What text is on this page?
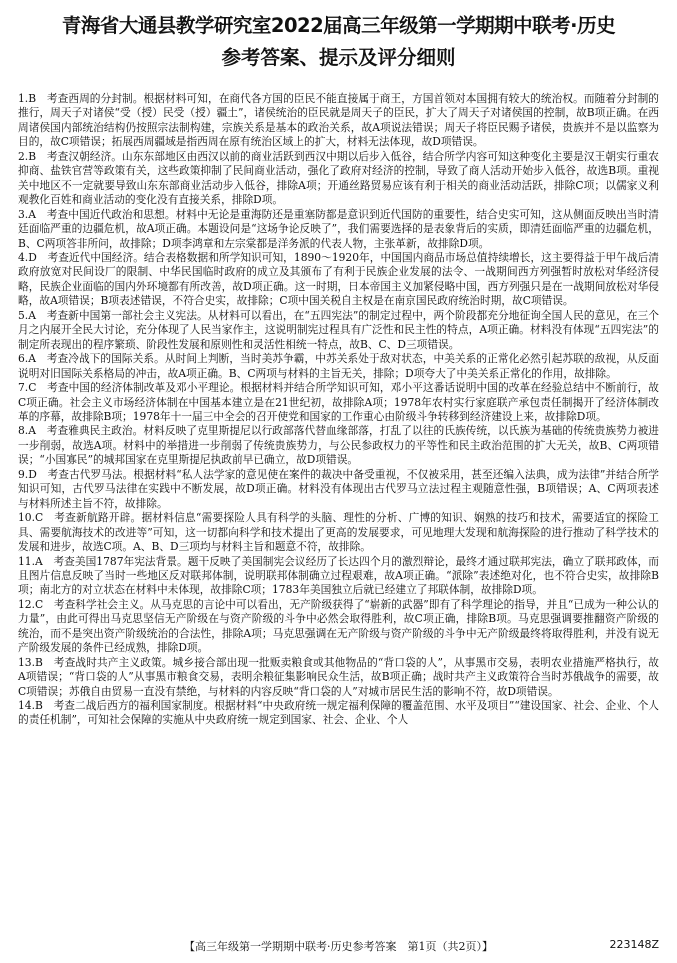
青海省大通县教学研究室2022届高三年级第一学期期中联考·历史
参考答案、提示及评分细则

1.B　考查西周的分封制。根据材料可知，在商代各方国的臣民不能直接属于商王，方国首领对本国拥有较大的统治权。而随着分封制的推行，周天子对诸侯“受（授）民受（授）疆土”，诸侯统治的臣民就是周天子的臣民，扩大了周天子对诸侯国的控制，故B项正确。在西周诸侯国内部统治结构仍按照宗法制构建，宗族关系是基本的政治关系，故A项说法错误；周天子将臣民赐予诸侯，贵族并不是以监察为目的，故C项错误；拓展西周疆域是指西周在原有统治区域上的扩大，材料无法体现，故D项错误。

2.B　考查汉朝经济。山东东部地区由西汉以前的商业活跃到西汉中期以后步入低谷，结合所学内容可知这种变化主要是汉王朝实行重农抑商、盐铁官营等政策有关，这些政策抑制了民间商业活动，强化了政府对经济的控制，导致了商人活动开始步入低谷，故选B项。重视关中地区不一定就要导致山东东部商业活动步入低谷，排除A项；开通丝路贸易应该有利于相关的商业活动活跃，排除C项；以儒家义利观教化百姓和商业活动的变化没有直接关系，排除D项。

3.A　考查中国近代政治和思想。材料中无论是重海防还是重塞防都是意识到近代国防的重要性，结合史实可知，这从侧面反映出当时清廷面临严重的边疆危机，故A项正确。本题设问是“这场争论反映了”，我们需要选择的是表象背后的实质，即清廷面临严重的边疆危机，B、C两项答非所问，故排除；D项李鸿章和左宗棠都是洋务派的代表人物，主张革新，故排除D项。

4.D　考查近代中国经济。结合表格数据和所学知识可知，1890～1920年，中国国内商品市场总值持续增长，这主要得益于甲午战后清政府放宽对民间设厂的限制、中华民国临时政府的成立及其颁布了有利于民族企业发展的法令、一战期间西方列强暂时放松对华经济侵略，民族企业面临的国内外环境都有所改善，故D项正确。这一时期，日本帝国主义加紧侵略中国，西方列强只是在一战期间放松对华侵略，故A项错误；B项表述错误，不符合史实，故排除；C项中国关税自主权是在南京国民政府统治时期，故C项错误。

5.A　考查新中国第一部社会主义宪法。从材料可以看出，在“五四宪法”的制定过程中，两个阶段都充分地征询全国人民的意见，在三个月之内展开全民大讨论，充分体现了人民当家作主，这说明制宪过程具有广泛性和民主性的特点，A项正确。材料没有体现“五四宪法”的制定所表现出的程序繁琐、阶段性发展和原则性和灵活性相统一特点，故B、C、D三项错误。

6.A　考查冷战下的国际关系。从时间上判断，当时美苏争霸，中苏关系处于敌对状态，中美关系的正常化必然引起苏联的敌视，从反面说明对旧国际关系格局的冲击，故A项正确。B、C两项与材料的主旨无关，排除；D项夸大了中美关系正常化的作用，故排除。

7.C　考查中国的经济体制改革及邓小平理论。根据材料并结合所学知识可知，邓小平这番话说明中国的改革在经验总结中不断前行，故C项正确。社会主义市场经济体制在中国基本建立是在21世纪初，故排除A项；1978年农村实行家庭联产承包责任制揭开了经济体制改革的序幕，故排除B项；1978年十一届三中全会的召开使党和国家的工作重心由阶级斗争转移到经济建设上来，故排除D项。

8.A　考查雅典民主政治。材料反映了克里斯提尼以行政部落代替血缘部落，打乱了以往的氏族传统，以氏族为基础的传统贵族势力被进一步削弱，故选A项。材料中的举措进一步削弱了传统贵族势力，与公民参政权力的平等性和民主政治范围的扩大无关，故B、C两项错误；“小国寡民”的城邦国家在克里斯提尼执政前早已确立，故D项错误。

9.D　考查古代罗马法。根据材料“私人法学家的意见使在案件的裁决中备受重视，不仅被采用，甚至还编入法典，成为法律”并结合所学知识可知，古代罗马法律在实践中不断发展，故D项正确。材料没有体现出古代罗马立法过程主观随意性强，B项错误；A、C两项表述与材料所述主旨不符，故排除。

10.C　考查新航路开辟。据材料信息“需要探险人具有科学的头脑、理性的分析、广博的知识、娴熟的技巧和技术，需要适宜的探险工具、需要航海技术的改进等”可知，这一切都向科学和技术提出了更高的发展要求，可见地理大发现和航海探险的进行推动了科学技术的发展和进步，故选C项。A、B、D三项均与材料主旨和题意不符，故排除。

11.A　考查美国1787年宪法背景。题干反映了美国制宪会议经历了长达四个月的激烈辩论，最终才通过联邦宪法，确立了联邦政体，而且图片信息反映了当时一些地区反对联邦体制，说明联邦体制确立过程艰难，故A项正确。“派除”表述绝对化，也不符合史实，故排除B项；南北方的对立状态在材料中未体现，故排除C项；1783年美国独立后就已经建立了邦联体制，故排除D项。

12.C　考查科学社会主义。从马克思的言论中可以看出，无产阶级获得了“崭新的武器”即有了科学理论的指导，并且“已成为一种公认的力量”，由此可得出马克思坚信无产阶级在与资产阶级的斗争中必然会取得胜利，故C项正确，排除B项。马克思强调要推翻资产阶级的统治，而不是突出资产阶级统治的合法性，排除A项；马克思强调在无产阶级与资产阶级的斗争中无产阶级最终将取得胜利，并没有说无产阶级发展的条件已经成熟，排除D项。

13.B　考查战时共产主义政策。城乡接合部出现一批贩卖粮食或其他物品的“背口袋的人”，从事黑市交易，表明农业措施严格执行，故A项错误；“背口袋的人”从事黑市粮食交易，表明余粮征集影响民众生活，故B项正确；战时共产主义政策符合当时苏俄战争的需要，故C项错误；苏俄自由贸易一直没有禁绝，与材料的内容反映“背口袋的人”对城市居民生活的影响不符，故D项错误。

14.B　考查二战后西方的福利国家制度。根据材料“中央政府统一规定福利保障的覆盖范围、水平及项目”“建设国家、社会、企业、个人的责任机制”，可知社会保障的实施从中央政府统一规定到国家、社会、企业、个人

【高三年级第一学期期中联考·历史参考答案　第1页（共2页）】	223148Z
